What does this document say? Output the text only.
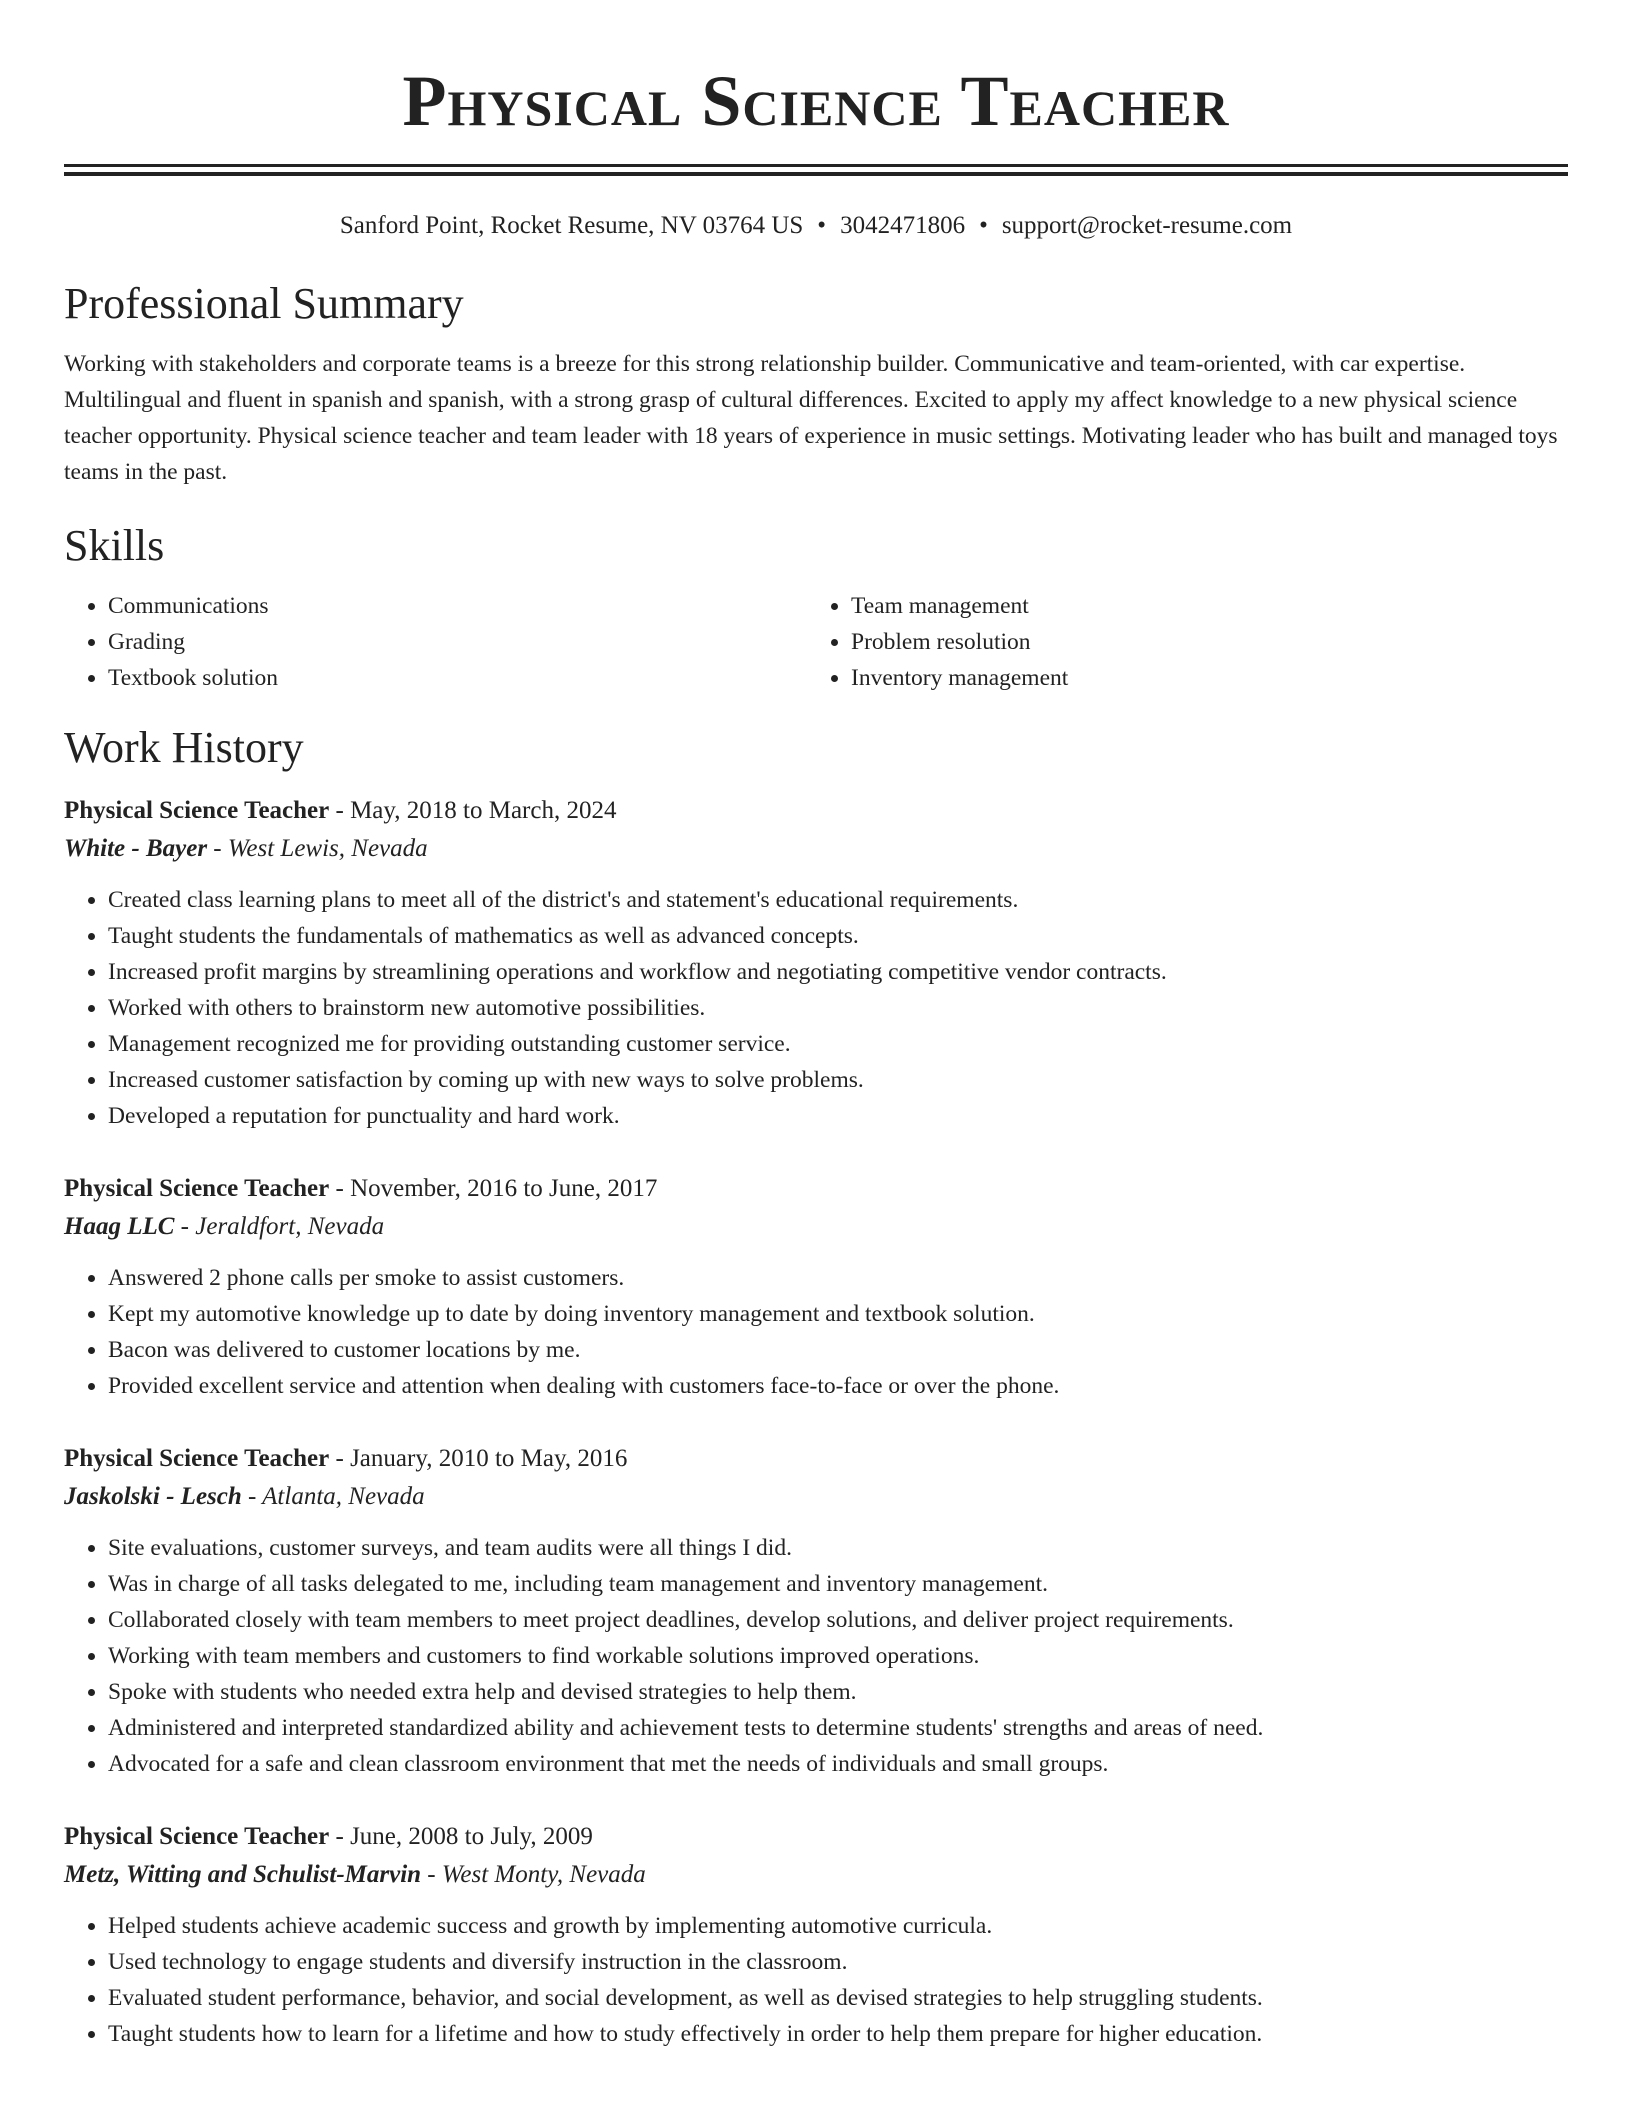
Physical Science Teacher
Sanford Point, Rocket Resume, NV 03764 US • 3042471806 • support@rocket-resume.com
Professional Summary

Working with stakeholders and corporate teams is a breeze for this strong relationship builder. Communicative and team-oriented, with car expertise. Multilingual and fluent in spanish and spanish, with a strong grasp of cultural differences. Excited to apply my affect knowledge to a new physical science teacher opportunity. Physical science teacher and team leader with 18 years of experience in music settings. Motivating leader who has built and managed toys teams in the past.

Skills
• Communications
• Grading
• Textbook solution
• Team management
• Problem resolution
• Inventory management
Work History
Physical Science Teacher - May, 2018 to March, 2024
White - Bayer - West Lewis, Nevada
• Created class learning plans to meet all of the district's and statement's educational requirements.
• Taught students the fundamentals of mathematics as well as advanced concepts.
• Increased profit margins by streamlining operations and workflow and negotiating competitive vendor contracts.
• Worked with others to brainstorm new automotive possibilities.
• Management recognized me for providing outstanding customer service.
• Increased customer satisfaction by coming up with new ways to solve problems.
• Developed a reputation for punctuality and hard work.
Physical Science Teacher - November, 2016 to June, 2017
Haag LLC - Jeraldfort, Nevada
• Answered 2 phone calls per smoke to assist customers.
• Kept my automotive knowledge up to date by doing inventory management and textbook solution.
• Bacon was delivered to customer locations by me.
• Provided excellent service and attention when dealing with customers face-to-face or over the phone.
Physical Science Teacher - January, 2010 to May, 2016
Jaskolski - Lesch - Atlanta, Nevada
• Site evaluations, customer surveys, and team audits were all things I did.
• Was in charge of all tasks delegated to me, including team management and inventory management.
• Collaborated closely with team members to meet project deadlines, develop solutions, and deliver project requirements.
• Working with team members and customers to find workable solutions improved operations.
• Spoke with students who needed extra help and devised strategies to help them.
• Administered and interpreted standardized ability and achievement tests to determine students' strengths and areas of need.
• Advocated for a safe and clean classroom environment that met the needs of individuals and small groups.
Physical Science Teacher - June, 2008 to July, 2009
Metz, Witting and Schulist-Marvin - West Monty, Nevada
• Helped students achieve academic success and growth by implementing automotive curricula.
• Used technology to engage students and diversify instruction in the classroom.
• Evaluated student performance, behavior, and social development, as well as devised strategies to help struggling students.
• Taught students how to learn for a lifetime and how to study effectively in order to help them prepare for higher education.
